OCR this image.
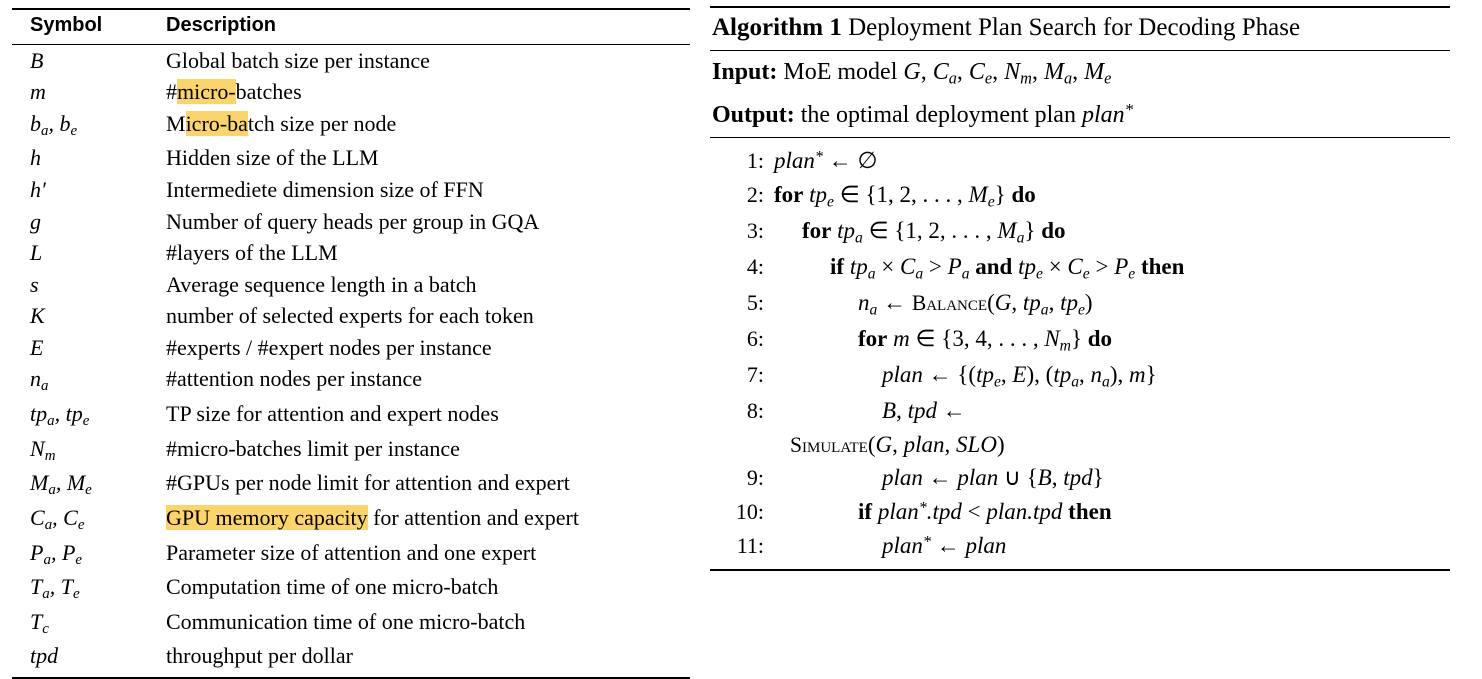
Symbol	Description
B	Global batch size per instance
m	#micro-batches
$b_a$, $b_e$	Micro-batch size per node
h	Hidden size of the LLM
h′	Intermediete dimension size of FFN
g	Number of query heads per group in GQA
L	#layers of the LLM
s	Average sequence length in a batch
K	number of selected experts for each token
E	#experts / #expert nodes per instance
$n_a$	#attention nodes per instance
$tp_a$, $tp_e$	TP size for attention and expert nodes
$N_m$	#micro-batches limit per instance
$M_a$, $M_e$	#GPUs per node limit for attention and expert
$C_a$, $C_e$	GPU memory capacity for attention and expert
$P_a$, $P_e$	Parameter size of attention and one expert
$T_a$, $T_e$	Computation time of one micro-batch
$T_c$	Communication time of one micro-batch
tpd	throughput per dollar
Algorithm 1 Deployment Plan Search for Decoding Phase
Input: MoE model G, $C_a$, $C_e$, $N_m$, $M_a$, $M_e$
Output: the optimal deployment plan plan*
1: plan* ← ∅
2: for $tp_e$ ∈ {1, 2, . . . , $M_e$} do
3:	for $tp_a$ ∈ {1, 2, . . . , $M_a$} do
4:	if $tp_a \times C_a > P_a$ and $tp_e \times C_e > P_e$ then
5:	$n_a$ ← Balance(G, $tp_a$, $tp_e$)
6:	for m ∈ {3, 4, . . . , $N_m$} do
7:	plan ← {($tp_e$, E), ($tp_a$, $n_a$), m}
8:	B, tpd ←
Simulate(G, plan, SLO)
9:	plan ← plan ∪ {B, tpd}
10:	if plan*.tpd < plan.tpd then
11:	plan* ← plan
